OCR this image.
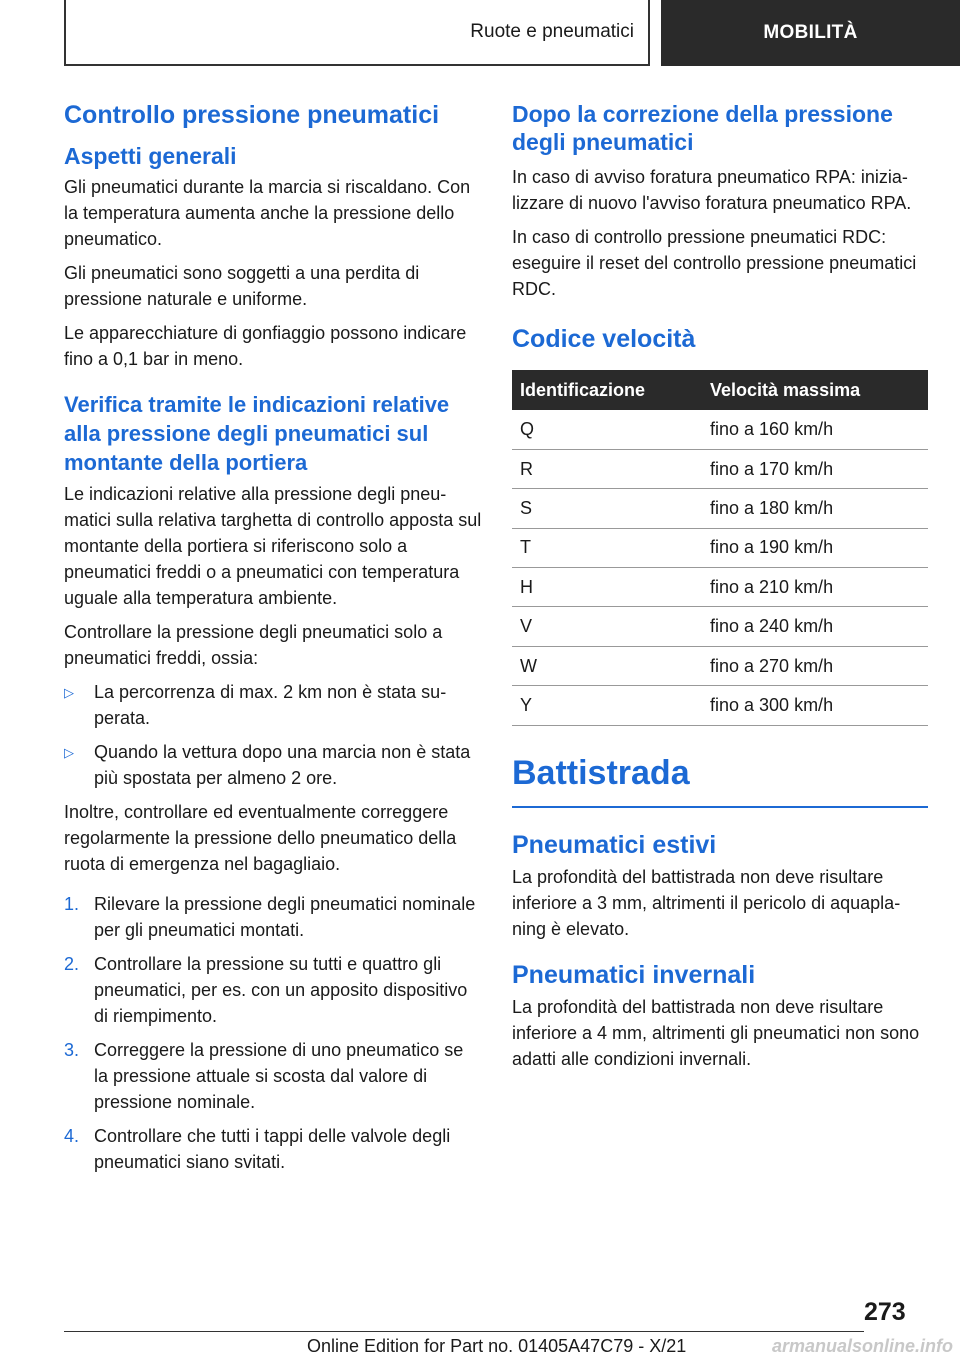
Ruote e pneumatici	MOBILITÀ
Controllo pressione pneumatici
Aspetti generali

Gli pneumatici durante la marcia si riscaldano. Con la temperatura aumenta anche la pressione dello pneumatico.

Gli pneumatici sono soggetti a una perdita di pressione naturale e uniforme.

Le apparecchiature di gonfiaggio possono indicare fino a 0,1 bar in meno.

Verifica tramite le indicazioni relative alla pressione degli pneumatici sul montante della portiera

Le indicazioni relative alla pressione degli pneumatici sulla relativa targhetta di controllo apposta sul montante della portiera si riferiscono solo a pneumatici freddi o a pneumatici con temperatura uguale alla temperatura ambiente.

Controllare la pressione degli pneumatici solo a pneumatici freddi, ossia:

▷	La percorrenza di max. 2 km non è stata superata.
▷	Quando la vettura dopo una marcia non è stata più spostata per almeno 2 ore.

Inoltre, controllare ed eventualmente correggere regolarmente la pressione dello pneumatico della ruota di emergenza nel bagagliaio.

1. Rilevare la pressione degli pneumatici nominale per gli pneumatici montati.
2. Controllare la pressione su tutti e quattro gli pneumatici, per es. con un apposito dispositivo di riempimento.
3. Correggere la pressione di uno pneumatico se la pressione attuale si scosta dal valore di pressione nominale.
4. Controllare che tutti i tappi delle valvole degli pneumatici siano svitati.
Dopo la correzione della pressione degli pneumatici

In caso di avviso foratura pneumatico RPA: inizializzare di nuovo l'avviso foratura pneumatico RPA.

In caso di controllo pressione pneumatici RDC: eseguire il reset del controllo pressione pneumatici RDC.

Codice velocità
Identificazione	Velocità massima
Q	fino a 160 km/h
R	fino a 170 km/h
S	fino a 180 km/h
T	fino a 190 km/h
H	fino a 210 km/h
V	fino a 240 km/h
W	fino a 270 km/h
Y	fino a 300 km/h
Battistrada
Pneumatici estivi

La profondità del battistrada non deve risultare inferiore a 3 mm, altrimenti il pericolo di aquaplaning è elevato.

Pneumatici invernali

La profondità del battistrada non deve risultare inferiore a 4 mm, altrimenti gli pneumatici non sono adatti alle condizioni invernali.

273
Online Edition for Part no. 01405A47C79 - X/21	armanualsonline.info
